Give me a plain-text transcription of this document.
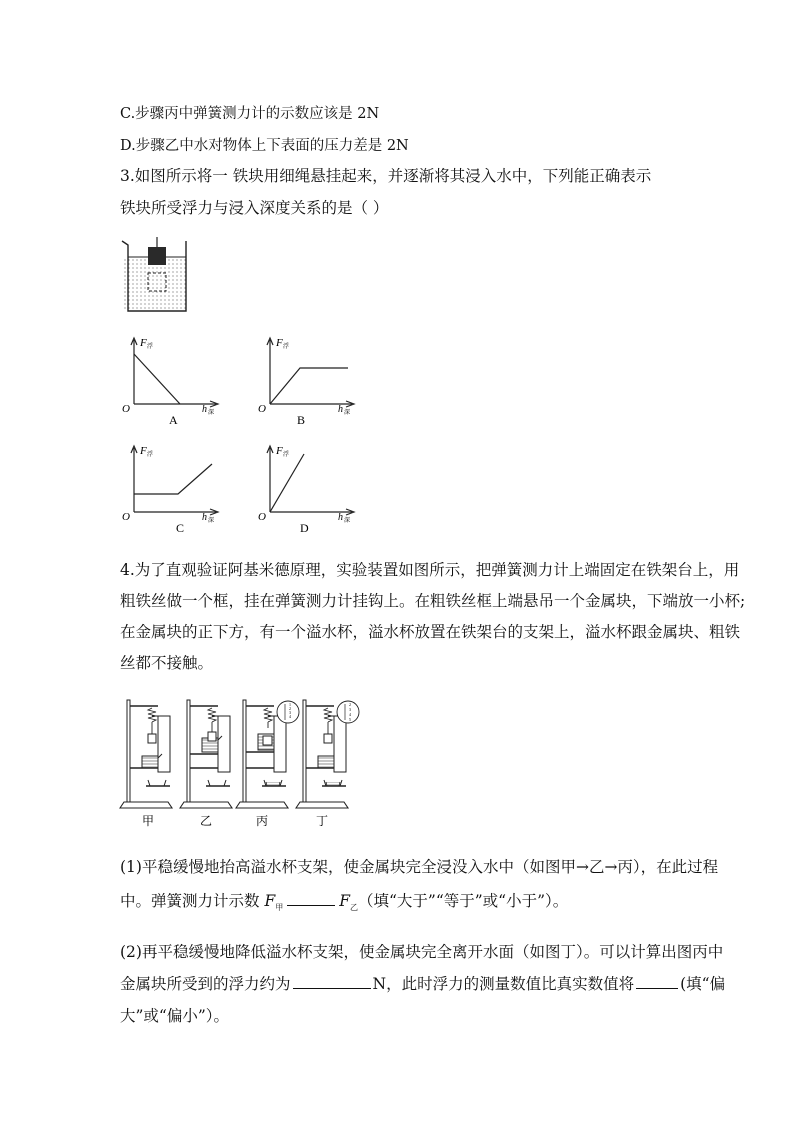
C.步骤丙中弹簧测力计的示数应该是 2N
D.步骤乙中水对物体上下表面的压力差是 2N
3.如图所示将一 铁块用细绳悬挂起来，并逐渐将其浸入水中，下列能正确表示
铁块所受浮力与浸入深度关系的是（ ）
F 浮
O	h 深
A
F 浮
O	h 深
B
F 浮
O	h 深
C
F 浮
O	h 深
D
4.为了直观验证阿基米德原理，实验装置如图所示，把弹簧测力计上端固定在铁架台上，用
粗铁丝做一个框，挂在弹簧测力计挂钩上。在粗铁丝框上端悬吊一个金属块，下端放一小杯;
在金属块的正下方，有一个溢水杯，溢水杯放置在铁架台的支架上，溢水杯跟金属块、粗铁
丝都不接触。
1
2
3
4
2
3
4
5
甲	乙	丙	丁
(1)平稳缓慢地抬高溢水杯支架，使金属块完全浸没入水中（如图甲→乙→丙），在此过程
中。弹簧测力计示数 $F_甲$	$F_乙$（填“大于”“等于”或“小于”）。
(2)再平稳缓慢地降低溢水杯支架，使金属块完全离开水面（如图丁）。可以计算出图丙中
金属块所受到的浮力约为	N，此时浮力的测量数值比真实数值将	(填“偏
大”或“偏小”）。
